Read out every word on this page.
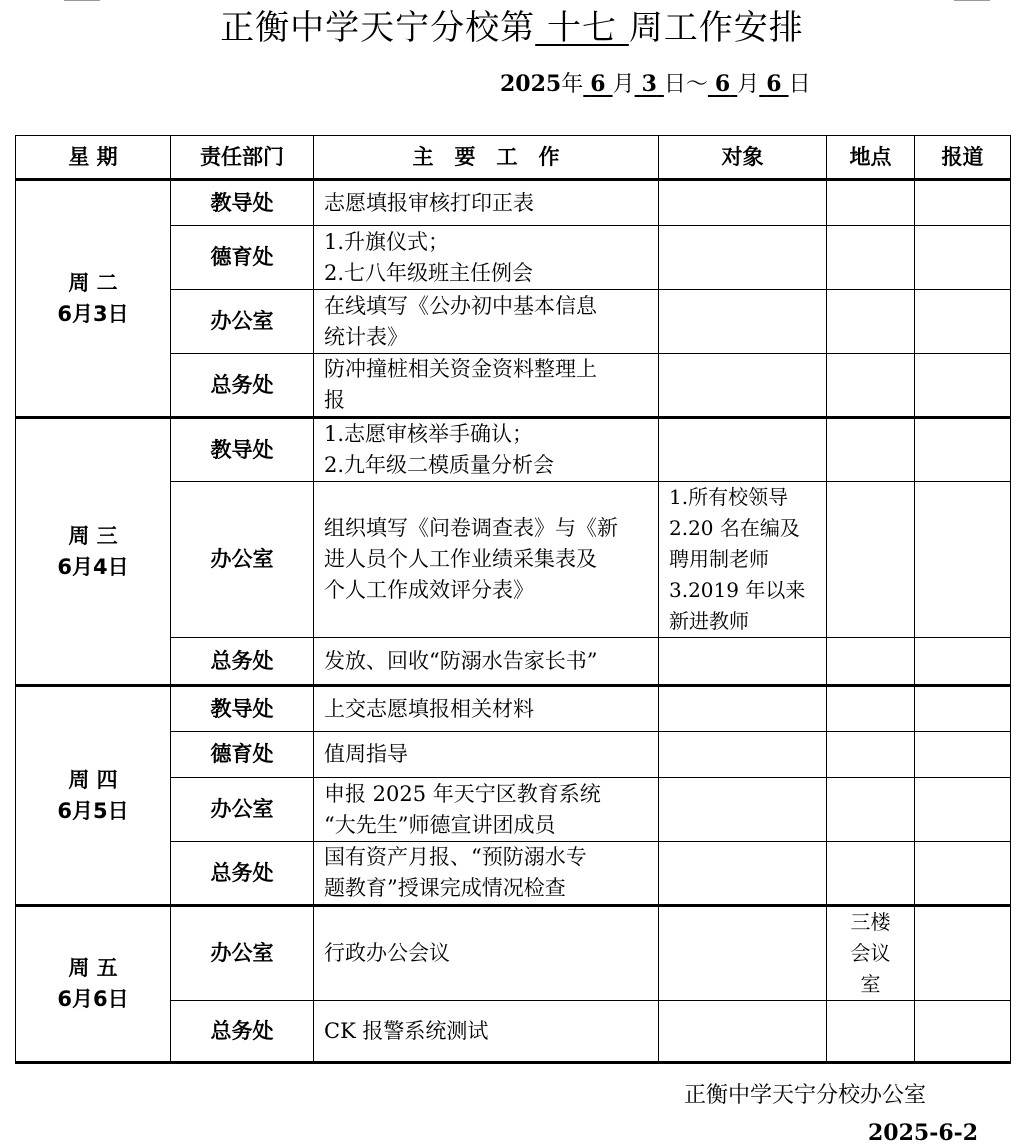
正衡中学天宁分校第 十七 周工作安排
2025年 6 月 3 日～ 6 月 6 日
星 期	责任部门	主　要　工　作	对象	地点	报道

周 二
6月3日	教导处	志愿填报审核打印正表			

	德育处	1.升旗仪式；
2.七八年级班主任例会			

	办公室	在线填写《公办初中基本信息
统计表》			

	总务处	防冲撞桩相关资金资料整理上
报			

周 三
6月4日	教导处	1.志愿审核举手确认；
2.九年级二模质量分析会			

	办公室	组织填写《问卷调查表》与《新
进人员个人工作业绩采集表及
个人工作成效评分表》	1.所有校领导
2.20 名在编及
聘用制老师
3.2019 年以来
新进教师		

	总务处	发放、回收“防溺水告家长书”			

周 四
6月5日	教导处	上交志愿填报相关材料			

	德育处	值周指导			

	办公室	申报 2025 年天宁区教育系统
“大先生”师德宣讲团成员			

	总务处	国有资产月报、“预防溺水专
题教育”授课完成情况检查			

周 五
6月6日	办公室	行政办公会议		三楼
会议
室	

	总务处	CK 报警系统测试			

正衡中学天宁分校办公室
2025-6-2
